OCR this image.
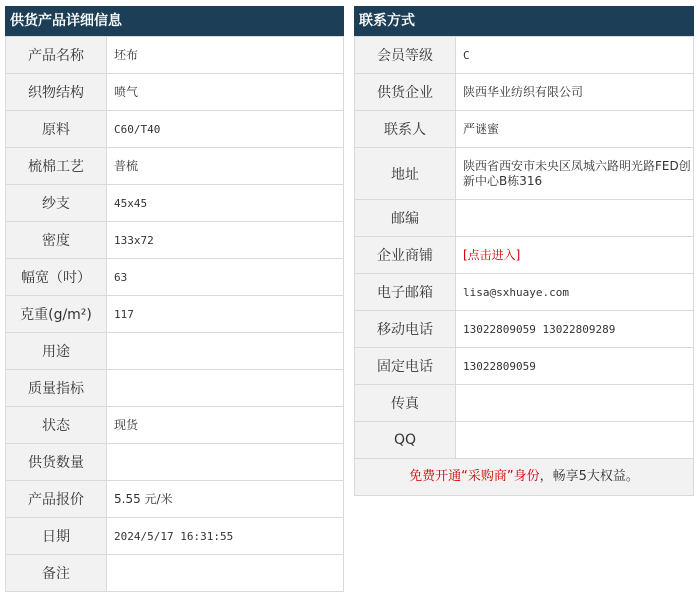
供货产品详细信息
产品名称	坯布
织物结构	喷气
原料	C60/T40
梳棉工艺	普梳
纱支	45x45
密度	133x72
幅宽（吋）	63
克重(g/m²)	117
用途	
质量指标	
状态	现货
供货数量	
产品报价	5.55 元/米
日期	2024/5/17 16:31:55
备注	
联系方式
会员等级	C
供货企业	陕西华业纺织有限公司
联系人	严谜蜜
地址	陕西省西安市未央区凤城六路明光路FED创新中心B栋316
邮编	
企业商铺	[点击进入]
电子邮箱	lisa@sxhuaye.com
移动电话	13022809059 13022809289
固定电话	13022809059
传真	
QQ	
免费开通“采购商”身份，畅享5大权益。
